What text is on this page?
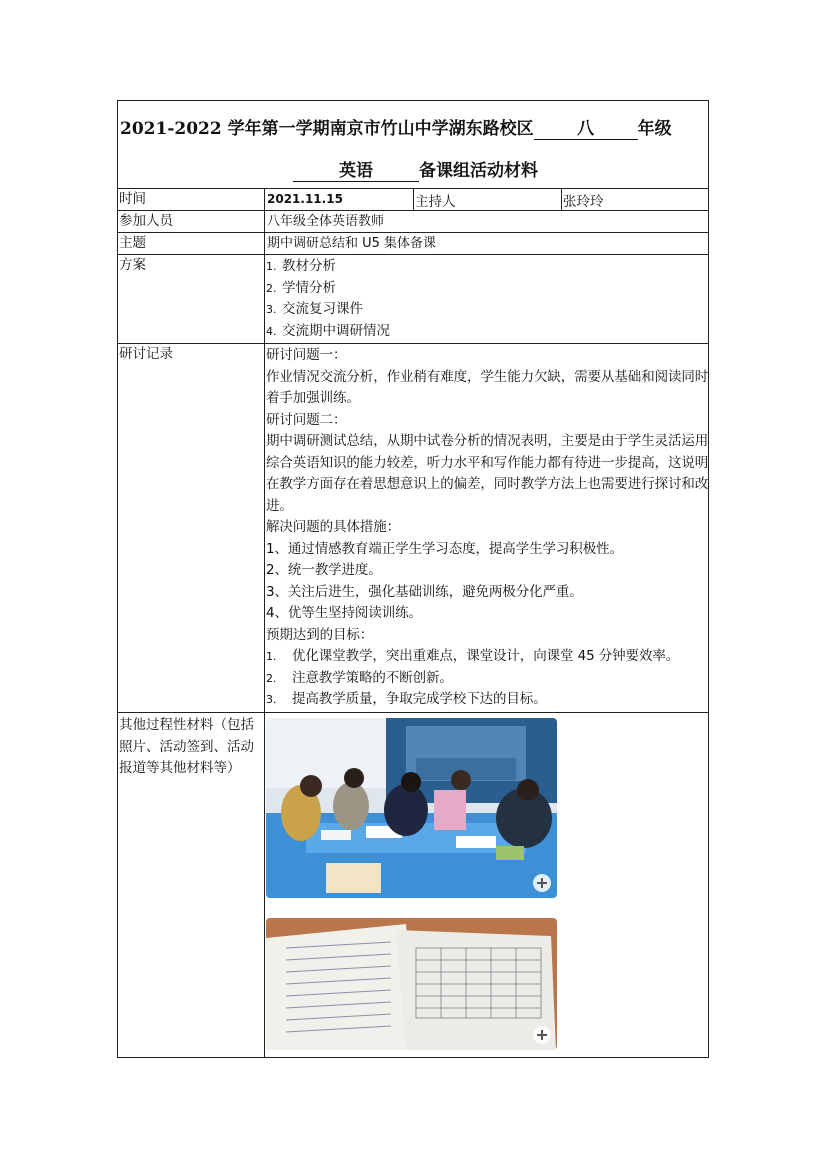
2021-2022 学年第一学期南京市竹山中学湖东路校区	八	年级
英语	备课组活动材料
时间	2021.11.15	主持人	张玲玲
参加人员	八年级全体英语教师
主题	期中调研总结和 U5 集体备课
方案	1. 教材分析
2. 学情分析
3. 交流复习课件
4. 交流期中调研情况
研讨记录	研讨问题一：
作业情况交流分析，作业稍有难度，学生能力欠缺，需要从基础和阅读同时着手加强训练。
研讨问题二：
期中调研测试总结，从期中试卷分析的情况表明，主要是由于学生灵活运用综合英语知识的能力较差，听力水平和写作能力都有待进一步提高，这说明在教学方面存在着思想意识上的偏差，同时教学方法上也需要进行探讨和改进。
解决问题的具体措施：
1、通过情感教育端正学生学习态度，提高学生学习积极性。
2、统一教学进度。
3、关注后进生，强化基础训练，避免两极分化严重。
4、优等生坚持阅读训练。
预期达到的目标：
1. 优化课堂教学，突出重难点，课堂设计，向课堂 45 分钟要效率。
2. 注意教学策略的不断创新。
3. 提高教学质量，争取完成学校下达的目标。
其他过程性材料（包括照片、活动签到、活动报道等其他材料等）
